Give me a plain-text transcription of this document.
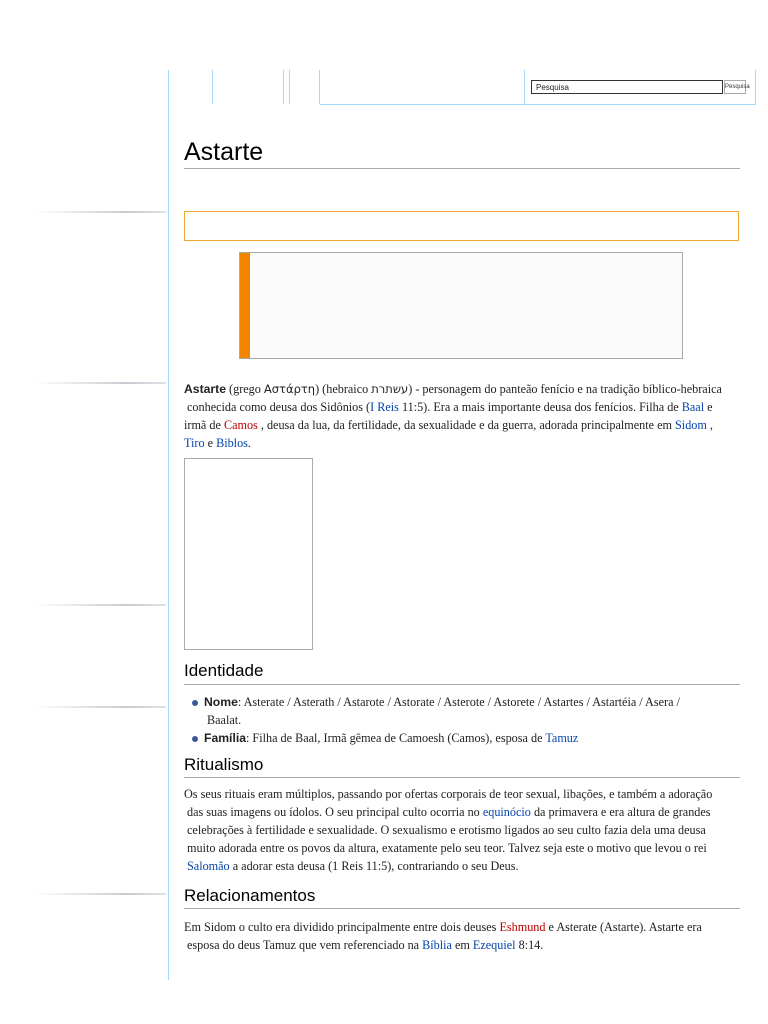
Pesquisa	Pesquisa
Astarte

Astarte (grego Αστάρτη) (hebraico עשתרת) - personagem do panteão fenício e na tradição bíblico-hebraica

conhecida como deusa dos Sidônios (I Reis 11:5). Era a mais importante deusa dos fenícios. Filha de Baal e

irmã de Camos , deusa da lua, da fertilidade, da sexualidade e da guerra, adorada principalmente em Sidom ,

Tiro e Biblos.

Identidade
Nome: Asterate / Asterath / Astarote / Astorate / Asterote / Astorete / Astartes / Astartéia / Asera /
Baalat.
Família: Filha de Baal, Irmã gêmea de Camoesh (Camos), esposa de Tamuz
Ritualismo

Os seus rituais eram múltiplos, passando por ofertas corporais de teor sexual, libações, e também a adoração

das suas imagens ou ídolos. O seu principal culto ocorria no equinócio da primavera e era altura de grandes

celebrações à fertilidade e sexualidade. O sexualismo e erotismo ligados ao seu culto fazia dela uma deusa

muito adorada entre os povos da altura, exatamente pelo seu teor. Talvez seja este o motivo que levou o rei

Salomão a adorar esta deusa (1 Reis 11:5), contrariando o seu Deus.

Relacionamentos

Em Sidom o culto era dividido principalmente entre dois deuses Eshmund e Asterate (Astarte). Astarte era

esposa do deus Tamuz que vem referenciado na Bíblia em Ezequiel 8:14.
